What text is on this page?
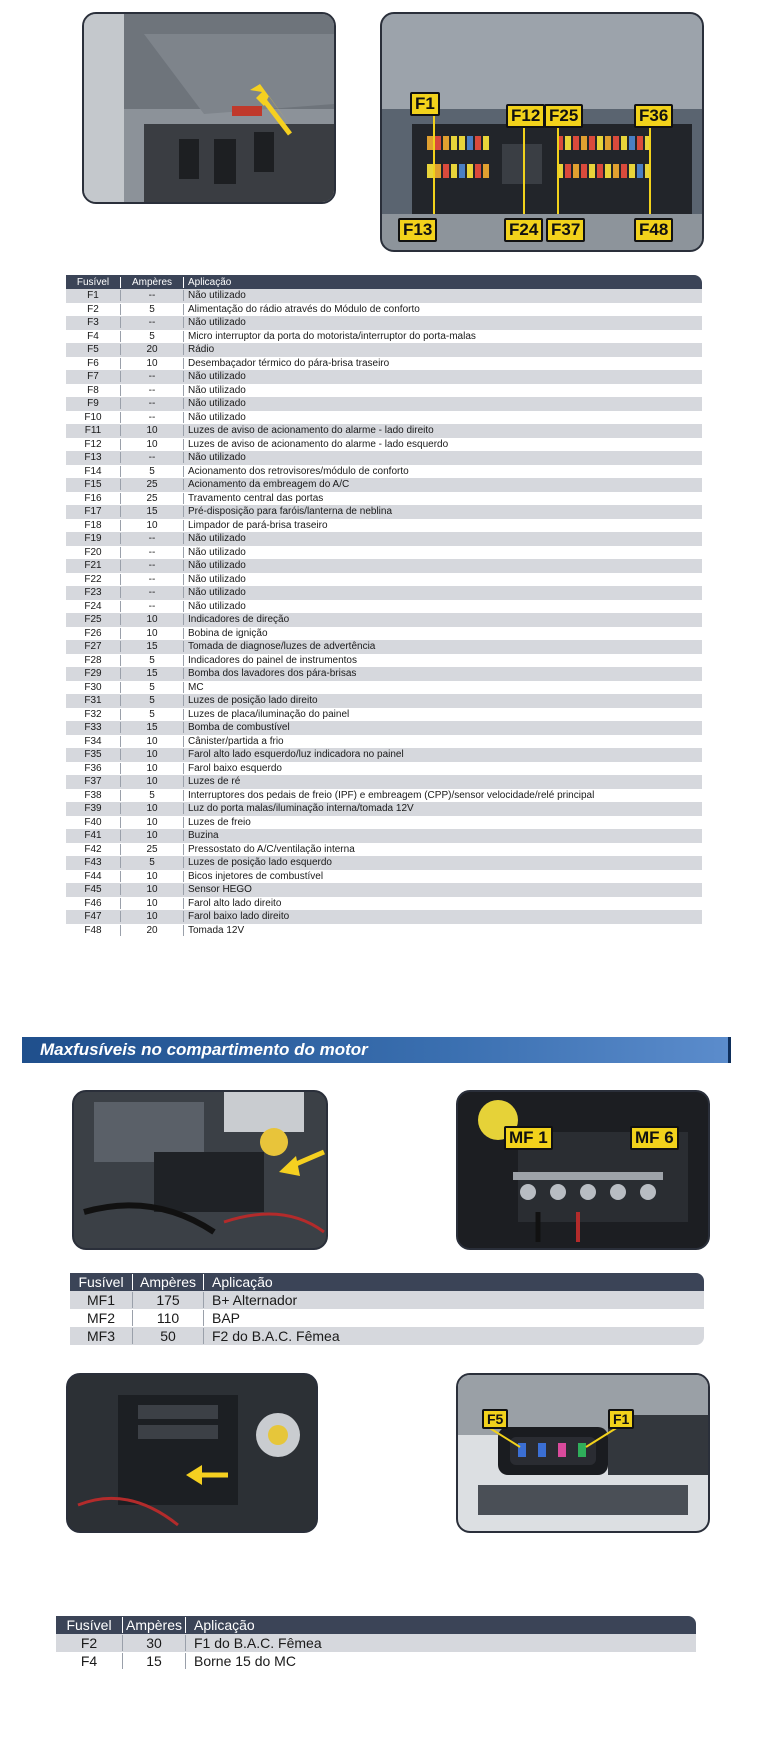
F1
F12 F25	F36
F13	F24 F37	F48
Fusível	Ampères	Aplicação
F1	--	Não utilizado
F2	5	Alimentação do rádio através do Módulo de conforto
F3	--	Não utilizado
F4	5	Micro interruptor da porta do motorista/interruptor do porta-malas
F5	20	Rádio
F6	10	Desembaçador térmico do pára-brisa traseiro
F7	--	Não utilizado
F8	--	Não utilizado
F9	--	Não utilizado
F10	--	Não utilizado
F11	10	Luzes de aviso de acionamento do alarme - lado direito
F12	10	Luzes de aviso de acionamento do alarme - lado esquerdo
F13	--	Não utilizado
F14	5	Acionamento dos retrovisores/módulo de conforto
F15	25	Acionamento da embreagem do A/C
F16	25	Travamento central das portas
F17	15	Pré-disposição para faróis/lanterna de neblina
F18	10	Limpador de pará-brisa traseiro
F19	--	Não utilizado
F20	--	Não utilizado
F21	--	Não utilizado
F22	--	Não utilizado
F23	--	Não utilizado
F24	--	Não utilizado
F25	10	Indicadores de direção
F26	10	Bobina de ignição
F27	15	Tomada de diagnose/luzes de advertência
F28	5	Indicadores do painel de instrumentos
F29	15	Bomba dos lavadores dos pára-brisas
F30	5	MC
F31	5	Luzes de posição lado direito
F32	5	Luzes de placa/iluminação do painel
F33	15	Bomba de combustível
F34	10	Cânister/partida a frio
F35	10	Farol alto lado esquerdo/luz indicadora no painel
F36	10	Farol baixo esquerdo
F37	10	Luzes de ré
F38	5	Interruptores dos pedais de freio (IPF) e embreagem (CPP)/sensor velocidade/relé principal
F39	10	Luz do porta malas/iluminação interna/tomada 12V
F40	10	Luzes de freio
F41	10	Buzina
F42	25	Pressostato do A/C/ventilação interna
F43	5	Luzes de posição lado esquerdo
F44	10	Bicos injetores de combustível
F45	10	Sensor HEGO
F46	10	Farol alto lado direito
F47	10	Farol baixo lado direito
F48	20	Tomada 12V
Maxfusíveis no compartimento do motor
MF 1	MF 6
Fusível	Ampères	Aplicação
MF1	175	B+ Alternador
MF2	110	BAP
MF3	50	F2 do B.A.C. Fêmea
F5	F1
Fusível	Ampères Aplicação
F2	30	F1 do B.A.C. Fêmea
F4	15	Borne 15 do MC
